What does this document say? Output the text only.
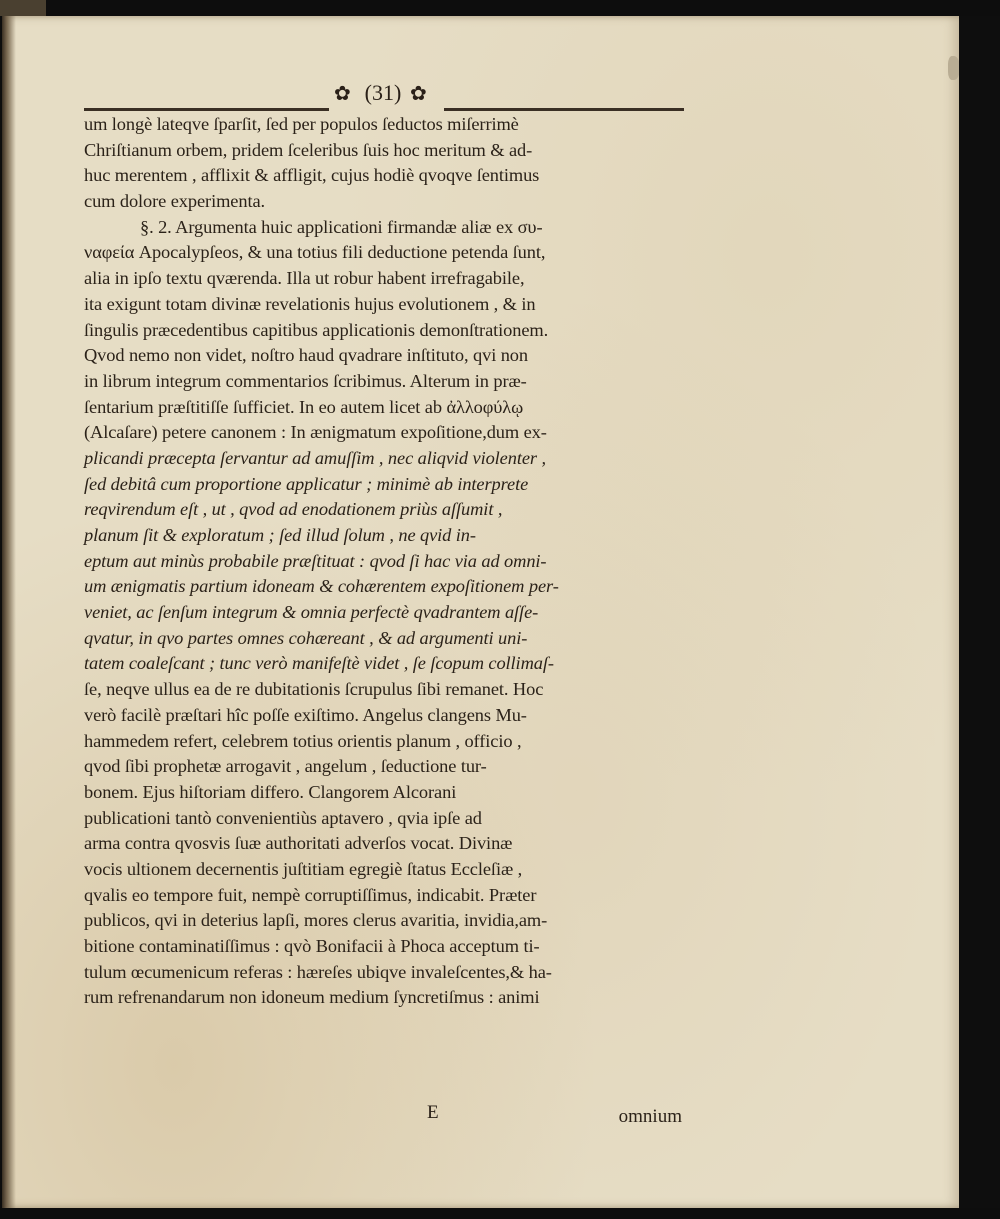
✿ (31) ✿
um longè lateqve ſparſit, ſed per populos ſeductos miſerrimè
Chriſtianum orbem, pridem ſceleribus ſuis hoc meritum & ad-
huc merentem , afflixit & affligit, cujus hodiè qvoqve ſentimus
cum dolore experimenta.
§. 2. Argumenta huic applicationi firmandæ aliæ ex συ-
ναφεία Apocalypſeos, & una totius fili deductione petenda ſunt,
alia in ipſo textu qværenda. Illa ut robur habent irrefragabile,
ita exigunt totam divinæ revelationis hujus evolutionem , & in
ſingulis præcedentibus capitibus applicationis demonſtrationem.
Qvod nemo non videt, noſtro haud qvadrare inſtituto, qvi non
in librum integrum commentarios ſcribimus. Alterum in præ-
ſentarium præſtitiſſe ſufficiet. In eo autem licet ab ἀλλοφύλῳ
(Alcaſare) petere canonem : In ænigmatum expoſitione,dum ex-
plicandi præcepta ſervantur ad amuſſim , nec aliqvid violenter ,
ſed debitâ cum proportione applicatur ; minimè ab interprete
reqvirendum eſt , ut , qvod ad enodationem priùs aſſumit ,
planum ſit & exploratum ; ſed illud ſolum , ne qvid in-
eptum aut minùs probabile præſtituat : qvod ſi hac via ad omni-
um ænigmatis partium idoneam & cohærentem expoſitionem per-
veniet, ac ſenſum integrum & omnia perfectè qvadrantem aſſe-
qvatur, in qvo partes omnes cohæreant , & ad argumenti uni-
tatem coaleſcant ; tunc verò manifeſtè videt , ſe ſcopum collimaſ-
ſe, neqve ullus ea de re dubitationis ſcrupulus ſibi remanet. Hoc
verò facilè præſtari hîc poſſe exiſtimo. Angelus clangens Mu-
hammedem refert, celebrem totius orientis planum , officio ,
qvod ſibi prophetæ arrogavit , angelum , ſeductione tur-
bonem. Ejus hiſtoriam differo. Clangorem Alcorani
publicationi tantò convenientiùs aptavero , qvia ipſe ad
arma contra qvosvis ſuæ authoritati adverſos vocat. Divinæ
vocis ultionem decernentis juſtitiam egregiè ſtatus Eccleſiæ ,
qvalis eo tempore fuit, nempè corruptiſſimus, indicabit. Præter
publicos, qvi in deterius lapſi, mores clerus avaritia, invidia,am-
bitione contaminatiſſimus : qvò Bonifacii à Phoca acceptum ti-
tulum œcumenicum referas : hæreſes ubiqve invaleſcentes,& ha-
rum refrenandarum non idoneum medium ſyncretiſmus : animi
E	omnium
